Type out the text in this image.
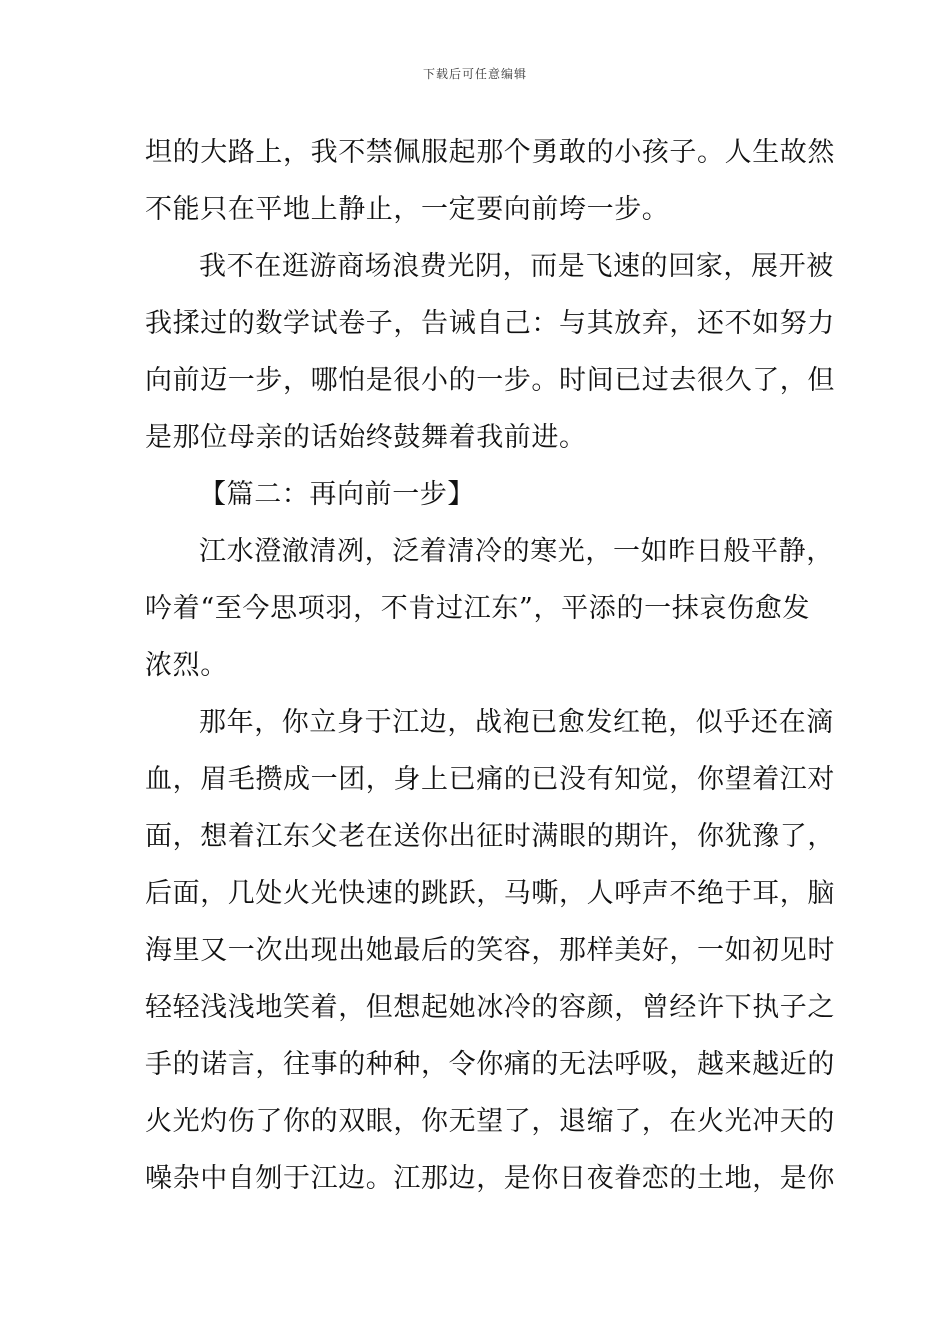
下载后可任意编辑
坦的大路上，我不禁佩服起那个勇敢的小孩子。人生故然
不能只在平地上静止，一定要向前垮一步。
我不在逛游商场浪费光阴，而是飞速的回家，展开被
我揉过的数学试卷子，告诫自己：与其放弃，还不如努力
向前迈一步，哪怕是很小的一步。时间已过去很久了，但
是那位母亲的话始终鼓舞着我前进。
【篇二：再向前一步】
江水澄澈清冽，泛着清冷的寒光，一如昨日般平静，
吟着“至今思项羽，不肯过江东”，平添的一抹哀伤愈发
浓烈。
那年，你立身于江边，战袍已愈发红艳，似乎还在滴
血，眉毛攒成一团，身上已痛的已没有知觉，你望着江对
面，想着江东父老在送你出征时满眼的期许，你犹豫了，
后面，几处火光快速的跳跃，马嘶，人呼声不绝于耳，脑
海里又一次出现出她最后的笑容，那样美好，一如初见时
轻轻浅浅地笑着，但想起她冰冷的容颜，曾经许下执子之
手的诺言，往事的种种，令你痛的无法呼吸，越来越近的
火光灼伤了你的双眼，你无望了，退缩了，在火光冲天的
噪杂中自刎于江边。江那边，是你日夜眷恋的土地，是你
